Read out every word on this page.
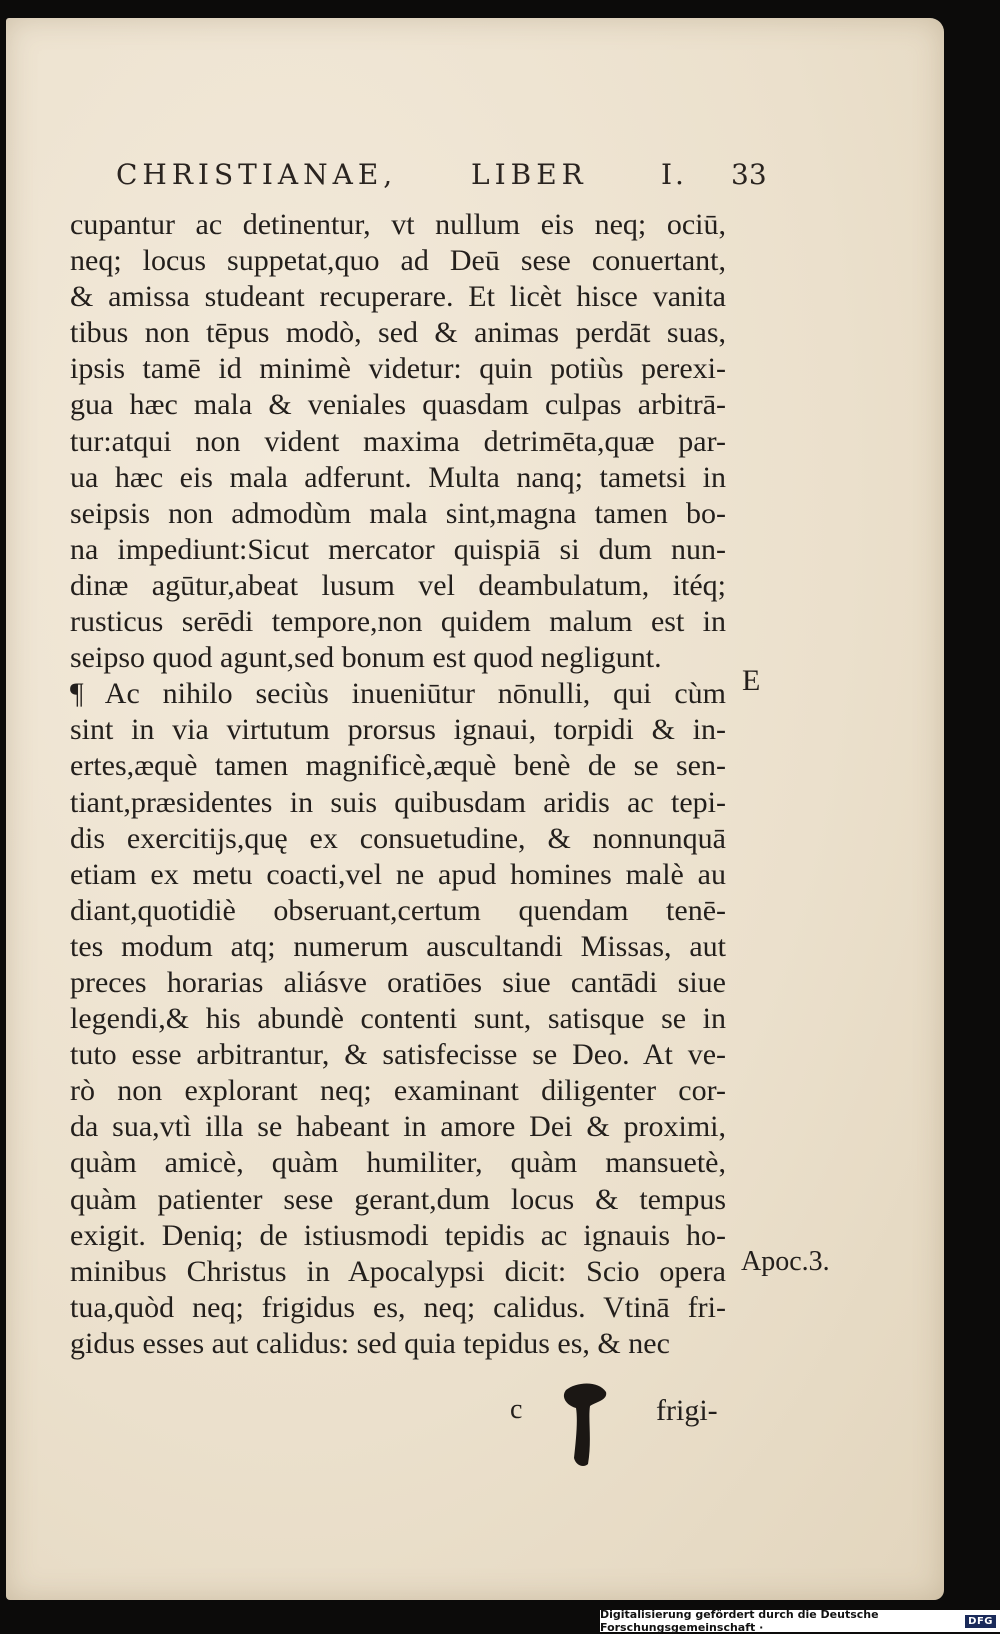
CHRISTIANAE,	LIBER	I. 33
cupantur ac detinentur, vt nullum eis neq; ociū,
neq; locus suppetat,quo ad Deū sese conuertant,
& amissa studeant recuperare. Et licèt hisce vanita
tibus non tēpus modò, sed & animas perdāt suas,
ipsis tamē id minimè videtur: quin potiùs perexi-
gua hæc mala & veniales quasdam culpas arbitrā-
tur:atqui non vident maxima detrimēta,quæ par-
ua hæc eis mala adferunt. Multa nanq; tametsi in
seipsis non admodùm mala sint,magna tamen bo-
na impediunt:Sicut mercator quispiā si dum nun-
dinæ agūtur,abeat lusum vel deambulatum, itéq;
rusticus serēdi tempore,non quidem malum est in
seipso quod agunt,sed bonum est quod negligunt.
¶ Ac nihilo seciùs inueniūtur nōnulli, qui cùm
sint in via virtutum prorsus ignaui, torpidi & in-
ertes,æquè tamen magnificè,æquè benè de se sen-
tiant,præsidentes in suis quibusdam aridis ac tepi-
dis exercitijs,quę ex consuetudine, & nonnunquā
etiam ex metu coacti,vel ne apud homines malè au
diant,quotidiè obseruant,certum quendam tenē-
tes modum atq; numerum auscultandi Missas, aut
preces horarias aliásve oratiōes siue cantādi siue
legendi,& his abundè contenti sunt, satisque se in
tuto esse arbitrantur, & satisfecisse se Deo. At ve-
rò non explorant neq; examinant diligenter cor-
da sua,vtì illa se habeant in amore Dei & proximi,
quàm amicè, quàm humiliter, quàm mansuetè,
quàm patienter sese gerant,dum locus & tempus
exigit. Deniq; de istiusmodi tepidis ac ignauis ho-
minibus Christus in Apocalypsi dicit: Scio opera
tua,quòd neq; frigidus es, neq; calidus. Vtinā fri-
gidus esses aut calidus: sed quia tepidus es, & nec
E
Apoc.3.
c	frigi-
Digitalisierung gefördert durch die Deutsche Forschungsgemeinschaft ·	DFG
